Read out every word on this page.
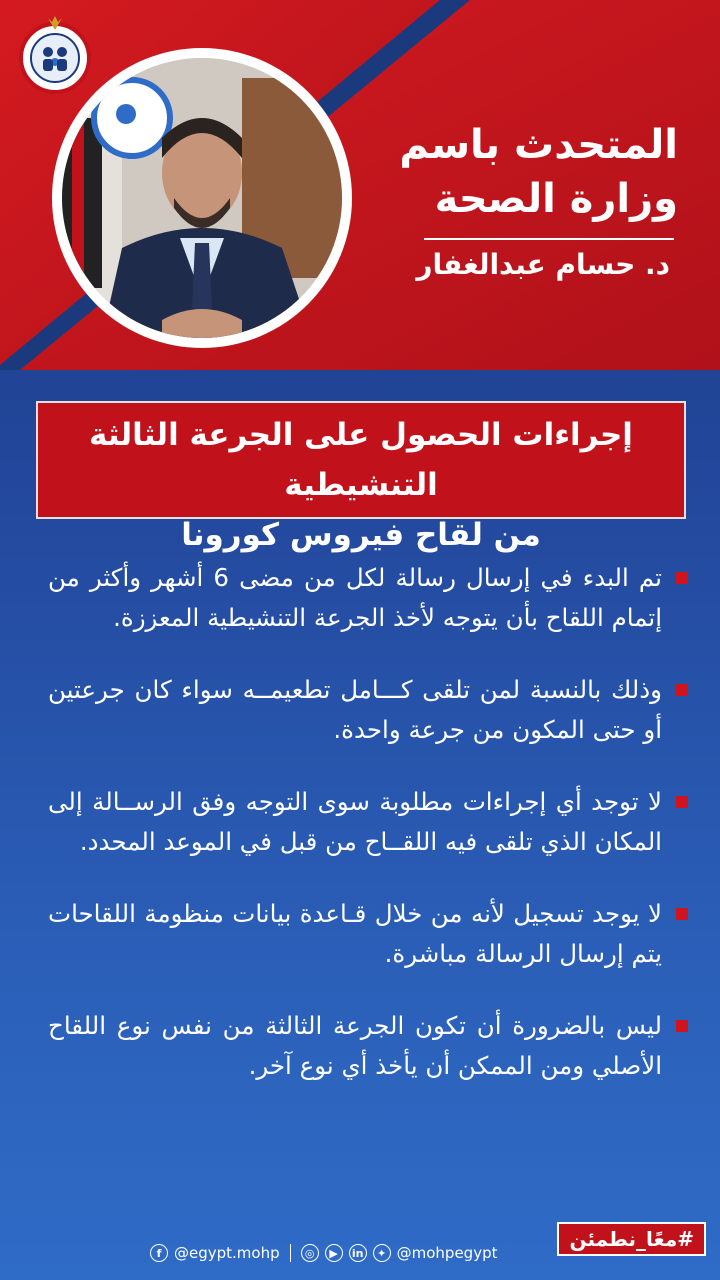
المتحدث باسم
وزارة الصحة
د. حسام عبدالغفار
إجراءات الحصول على الجرعة الثالثة التنشيطية
من لقاح فيروس كورونا
تم البدء في إرسال رسالة لكل من مضى 6 أشهر وأكثر من إتمام اللقاح بأن يتوجه لأخذ الجرعة التنشيطية المعززة.
وذلك بالنسبة لمن تلقى كـــامل تطعيمــه سواء كان جرعتين أو حتى المكون من جرعة واحدة.
لا توجد أي إجراءات مطلوبة سوى التوجه وفق الرســالة إلى المكان الذي تلقى فيه اللقــاح من قبل في الموعد المحدد.
لا يوجد تسجيل لأنه من خلال قـاعدة بيانات منظومة اللقاحات يتم إرسال الرسالة مباشرة.
ليس بالضرورة أن تكون الجرعة الثالثة من نفس نوع اللقاح الأصلي ومن الممكن أن يأخذ أي نوع آخر.
f @egypt.mohp	◎	▶	in	✦ @mohpegypt
#معًا_نطمئن
